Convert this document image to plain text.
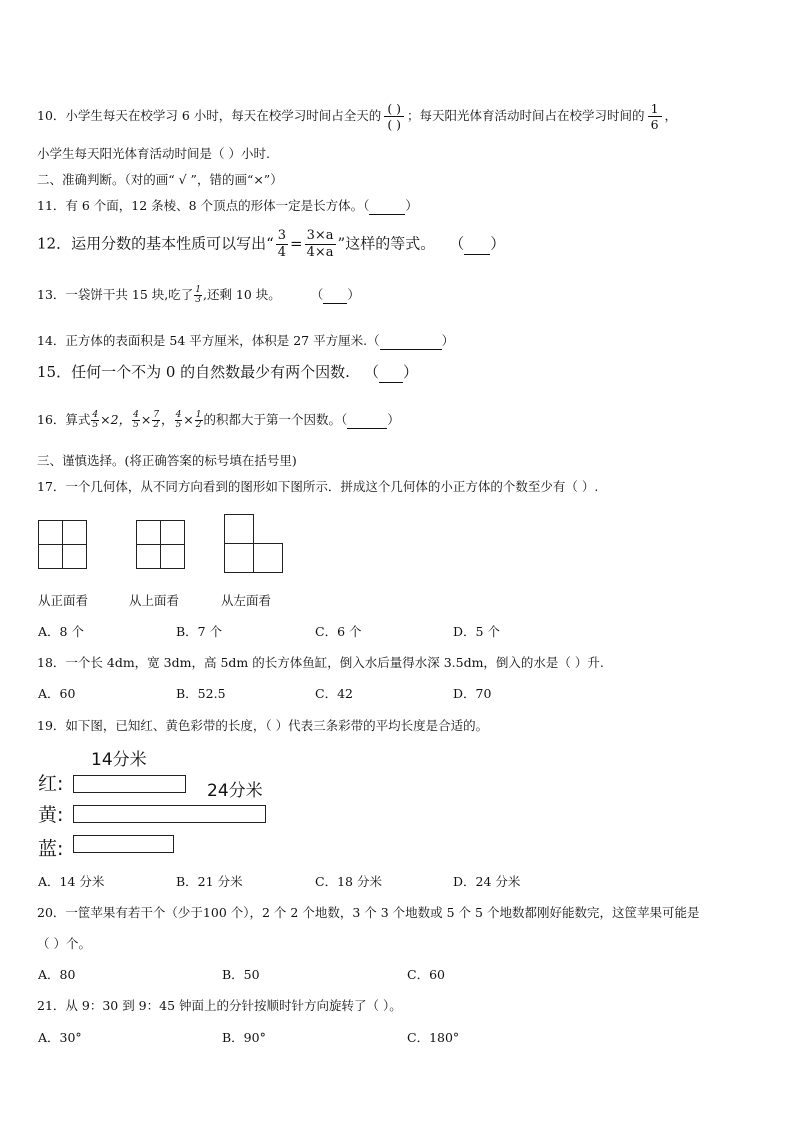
10．小学生每天在校学习 6 小时，每天在校学习时间占全天的 $\frac{( )}{( )}$ ；每天阳光体育活动时间占在校学习时间的 $\frac{1}{6}$ ，
小学生每天阳光体育活动时间是（ ）小时.
二、准确判断。（对的画“ √ ”，错的画“×”）
11．有 6 个面，12 条棱、8 个顶点的形体一定是长方体。（	）
12．运用分数的基本性质可以写出“ $\frac{3}{4} = \frac{3\times a}{4\times a}$ ”这样的等式。 （ ）
13．一袋饼干共 15 块,吃了 $\frac{1}{3}$ ,还剩 10 块。 （ ）
14．正方体的表面积是 54 平方厘米，体积是 27 平方厘米.（	）
15．任何一个不为 0 的自然数最少有两个因数. （ ）
16．算式 $\frac{4}{5} \times 2$， $\frac{4}{5} \times \frac{7}{2}$ ， $\frac{4}{5} \times \frac{1}{2}$ 的积都大于第一个因数。（	）
三、谨慎选择。(将正确答案的标号填在括号里)
17．一个几何体，从不同方向看到的图形如下图所示．拼成这个几何体的小正方体的个数至少有（ ）.
从正面看	从上面看	从左面看
A．8 个	B．7 个	C．6 个	D．5 个
18．一个长 4dm，宽 3dm，高 5dm 的长方体鱼缸，倒入水后量得水深 3.5dm，倒入的水是（ ）升.
A．60	B．52.5	C．42	D．70
19．如下图，已知红、黄色彩带的长度，（ ）代表三条彩带的平均长度是合适的。
14分米
24分米
红:
黄:
蓝:
A．14 分米	B．21 分米	C．18 分米	D．24 分米
20．一筐苹果有若干个（少于100 个），2 个 2 个地数，3 个 3 个地数或 5 个 5 个地数都刚好能数完，这筐苹果可能是
（ ）个。
A．80	B．50	C．60
21．从 9：30 到 9：45 钟面上的分针按顺时针方向旋转了（ ）。
A．30°	B．90°	C．180°
